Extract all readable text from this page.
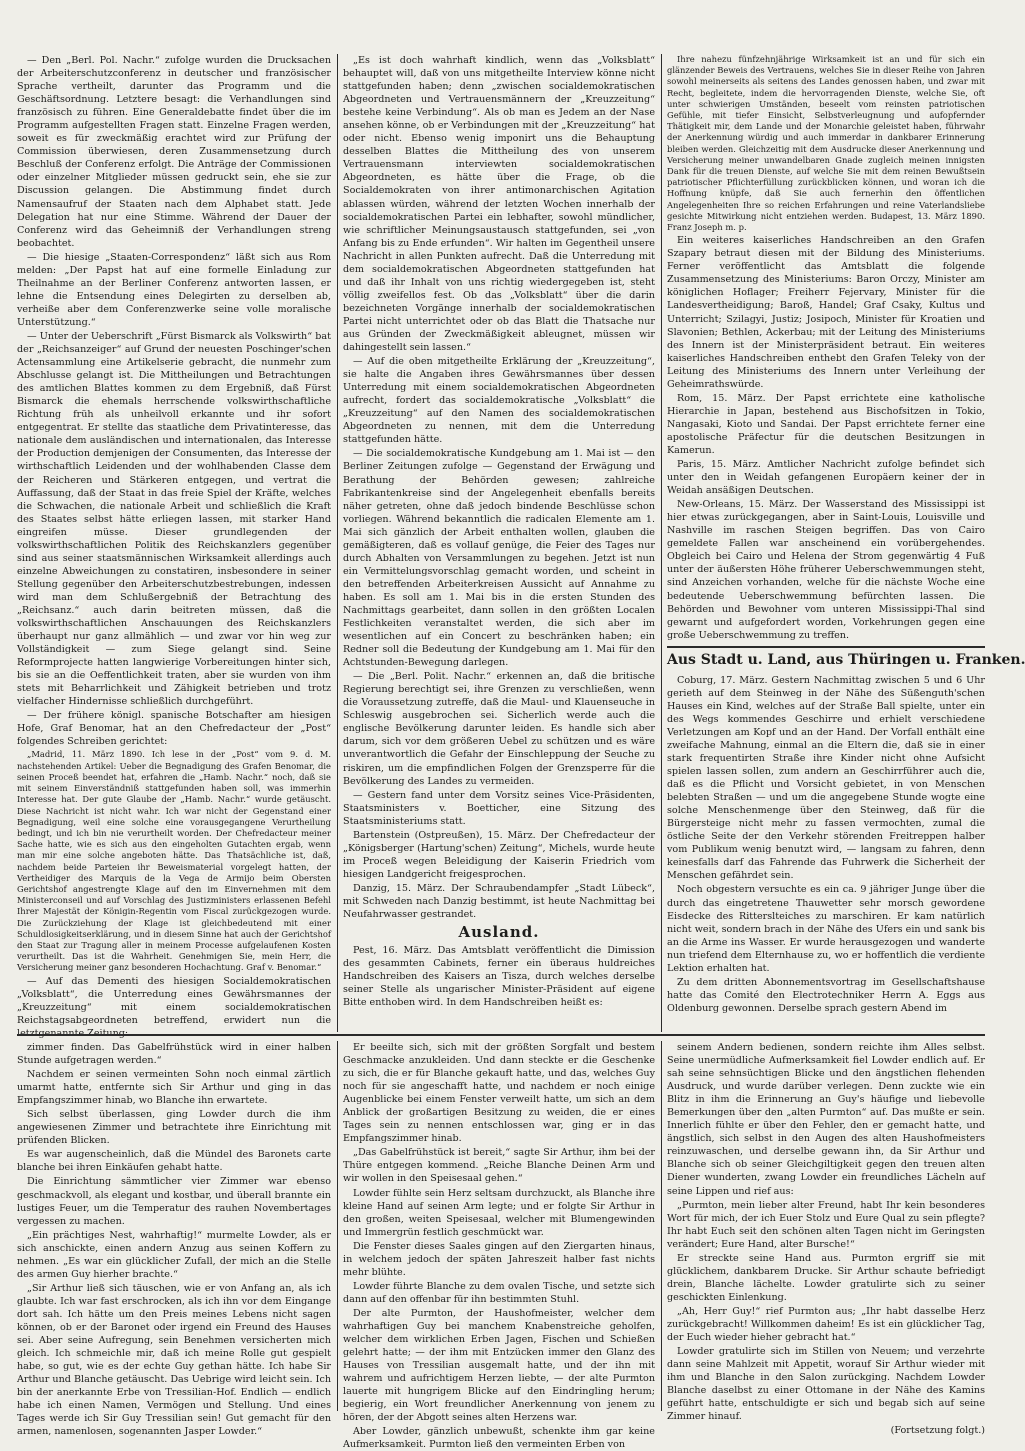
— Den „Berl. Pol. Nachr.“ zufolge wurden die Drucksachen der Arbeiterschutzconferenz in deutscher und französischer Sprache vertheilt, darunter das Programm und die Geschäftsordnung. Letztere besagt: die Verhandlungen sind französisch zu führen. Eine Generaldebatte findet über die im Programm aufgestellten Fragen statt. Einzelne Fragen werden, soweit es für zweckmäßig erachtet wird zur Prüfung der Commission überwiesen, deren Zusammensetzung durch Beschluß der Conferenz erfolgt. Die Anträge der Commissionen oder einzelner Mitglieder müssen gedruckt sein, ehe sie zur Discussion gelangen. Die Abstimmung findet durch Namensaufruf der Staaten nach dem Alphabet statt. Jede Delegation hat nur eine Stimme. Während der Dauer der Conferenz wird das Geheimniß der Verhandlungen streng beobachtet.

— Die hiesige „Staaten-Correspondenz“ läßt sich aus Rom melden: „Der Papst hat auf eine formelle Einladung zur Theilnahme an der Berliner Conferenz antworten lassen, er lehne die Entsendung eines Delegirten zu derselben ab, verheiße aber dem Conferenzwerke seine volle moralische Unterstützung.“

— Unter der Ueberschrift „Fürst Bismarck als Volkswirth“ bat der „Reichsanzeiger“ auf Grund der neuesten Poschinger'schen Actensammlung eine Artikelserie gebracht, die nunmehr zum Abschlusse gelangt ist. Die Mittheilungen und Betrachtungen des amtlichen Blattes kommen zu dem Ergebniß, daß Fürst Bismarck die ehemals herrschende volkswirthschaftliche Richtung früh als unheilvoll erkannte und ihr sofort entgegentrat. Er stellte das staatliche dem Privatinteresse, das nationale dem ausländischen und internationalen, das Interesse der Production demjenigen der Consumenten, das Interesse der wirthschaftlich Leidenden und der wohlhabenden Classe dem der Reicheren und Stärkeren entgegen, und vertrat die Auffassung, daß der Staat in das freie Spiel der Kräfte, welches die Schwachen, die nationale Arbeit und schließlich die Kraft des Staates selbst hätte erliegen lassen, mit starker Hand eingreifen müsse. Dieser grundlegenden der volkswirthschaftlichen Politik des Reichskanzlers gegenüber sind aus seiner staatsmännischen Wirksamkeit allerdings auch einzelne Abweichungen zu constatiren, insbesondere in seiner Stellung gegenüber den Arbeiterschutzbestrebungen, indessen wird man dem Schlußergebniß der Betrachtung des „Reichsanz.“ auch darin beitreten müssen, daß die volkswirthschaftlichen Anschauungen des Reichskanzlers überhaupt nur ganz allmählich — und zwar vor hin weg zur Vollständigkeit — zum Siege gelangt sind. Seine Reformprojecte hatten langwierige Vorbereitungen hinter sich, bis sie an die Oeffentlichkeit traten, aber sie wurden von ihm stets mit Beharrlichkeit und Zähigkeit betrieben und trotz vielfacher Hindernisse schließlich durchgeführt.

— Der frühere königl. spanische Botschafter am hiesigen Hofe, Graf Benomar, hat an den Chefredacteur der „Post“ folgendes Schreiben gerichtet:

„Madrid, 11. März 1890. Ich lese in der „Post“ vom 9. d. M. nachstehenden Artikel: Ueber die Begnadigung des Grafen Benomar, die seinen Proceß beendet hat, erfahren die „Hamb. Nachr.“ noch, daß sie mit seinem Einverständniß stattgefunden haben soll, was immerhin Interesse hat. Der gute Glaube der „Hamb. Nachr.“ wurde getäuscht. Diese Nachricht ist nicht wahr. Ich war nicht der Gegenstand einer Begnadigung, weil eine solche eine vorausgegangene Verurtheilung bedingt, und ich bin nie verurtheilt worden. Der Chefredacteur meiner Sache hatte, wie es sich aus den eingeholten Gutachten ergab, wenn man mir eine solche angeboten hätte. Das Thatsächliche ist, daß, nachdem beide Parteien ihr Beweismaterial vorgelegt hatten, der Vertheidiger des Marquis de la Vega de Armijo beim Obersten Gerichtshof angestrengte Klage auf den im Einvernehmen mit dem Ministerconseil und auf Vorschlag des Justizministers erlassenen Befehl Ihrer Majestät der Königin-Regentin vom Fiscal zurückgezogen wurde. Die Zurückziehung der Klage ist gleichbedeutend mit einer Schuldlosigkeitserklärung, und in diesem Sinne hat auch der Gerichtshof den Staat zur Tragung aller in meinem Processe aufgelaufenen Kosten verurtheilt. Das ist die Wahrheit. Genehmigen Sie, mein Herr, die Versicherung meiner ganz besonderen Hochachtung. Graf v. Benomar.“

— Auf das Dementi des hiesigen Socialdemokratischen „Volksblatt“, die Unterredung eines Gewährsmannes der „Kreuzzeitung“ mit einem socialdemokratischen Reichstagsabgeordneten betreffend, erwidert nun die

„Es ist doch wahrhaft kindlich, wenn das „Volksblatt“ behauptet will, daß von uns mitgetheilte Interview könne nicht stattgefunden haben; denn „zwischen socialdemokratischen Abgeordneten und Vertrauensmännern der „Kreuzzeitung“ bestehe keine Verbindung“. Als ob man es Jedem an der Nase ansehen könne, ob er Verbindungen mit der „Kreuzzeitung“ hat oder nicht. Ebenso wenig imponirt uns die Behauptung desselben Blattes die Mittheilung des von unserem Vertrauensmann interviewten socialdemokratischen Abgeordneten, es hätte über die Frage, ob die Socialdemokraten von ihrer antimonarchischen Agitation ablassen würden, während der letzten Wochen innerhalb der socialdemokratischen Partei ein lebhafter, sowohl mündlicher, wie schriftlicher Meinungsaustausch stattgefunden, sei „von Anfang bis zu Ende erfunden“. Wir halten im Gegentheil unsere Nachricht in allen Punkten aufrecht. Daß die Unterredung mit dem socialdemokratischen Abgeordneten stattgefunden hat und daß ihr Inhalt von uns richtig wiedergegeben ist, steht völlig zweifellos fest. Ob das „Volksblatt“ über die darin bezeichneten Vorgänge innerhalb der socialdemokratischen Partei nicht unterrichtet oder ob das Blatt die Thatsache nur aus Gründen der Zweckmäßigkeit ableugnet, müssen wir dahingestellt sein lassen.“

— Auf die oben mitgetheilte Erklärung der „Kreuzzeitung“, sie halte die Angaben ihres Gewährsmannes über dessen Unterredung mit einem socialdemokratischen Abgeordneten aufrecht, fordert das socialdemokratische „Volksblatt“ die „Kreuzzeitung“ auf den Namen des socialdemokratischen Abgeordneten zu nennen, mit dem die Unterredung stattgefunden hätte.

— Die socialdemokratische Kundgebung am 1. Mai ist — den Berliner Zeitungen zufolge — Gegenstand der Erwägung und Berathung der Behörden gewesen; zahlreiche Fabrikantenkreise sind der Angelegenheit ebenfalls bereits näher getreten, ohne daß jedoch bindende Beschlüsse schon vorliegen. Während bekanntlich die radicalen Elemente am 1. Mai sich gänzlich der Arbeit enthalten wollen, glauben die gemäßigteren, daß es vollauf genüge, die Feier des Tages nur durch Abhalten von Versammlungen zu begehen. Jetzt ist nun ein Vermittelungsvorschlag gemacht worden, und scheint in den betreffenden Arbeiterkreisen Aussicht auf Annahme zu haben. Es soll am 1. Mai bis in die ersten Stunden des Nachmittags gearbeitet, dann sollen in den größten Localen Festlichkeiten veranstaltet werden, die sich aber im wesentlichen auf ein Concert zu beschränken haben; ein Redner soll die Bedeutung der Kundgebung am 1. Mai für den Achtstunden-Bewegung darlegen.

— Die „Berl. Polit. Nachr.“ erkennen an, daß die britische Regierung berechtigt sei, ihre Grenzen zu verschließen, wenn die Voraussetzung zutreffe, daß die Maul- und Klauenseuche in Schleswig ausgebrochen sei. Sicherlich werde auch die englische Bevölkerung darunter leiden. Es handle sich aber darum, sich vor dem größeren Uebel zu schützen und es wäre unverantwortlich die Gefahr der Einschleppung der Seuche zu riskiren, um die empfindlichen Folgen der Grenzsperre für die Bevölkerung des Landes zu vermeiden.

— Gestern fand unter dem Vorsitz seines Vice-Präsidenten, Staatsministers v. Boetticher, eine Sitzung des Staatsministeriums statt.

Bartenstein (Ostpreußen), 15. März. Der Chefredacteur der „Königsberger (Hartung'schen) Zeitung“, Michels, wurde heute im Proceß wegen Beleidigung der Kaiserin Friedrich vom hiesigen Landgericht freigesprochen.

Danzig, 15. März. Der Schraubendampfer „Stadt Lübeck“, mit Schweden nach Danzig bestimmt, ist heute Nachmittag bei Neufahrwasser gestrandet.

Ausland.

Pest, 16. März. Das Amtsblatt veröffentlicht die Dimission des gesammten Cabinets, ferner ein überaus huldreiches Handschreiben des Kaisers an Tisza, durch welches derselbe seiner Stelle als ungarischer Minister-Präsident auf eigene Bitte enthoben wird. In dem Handschreiben heißt es:

Ihre nahezu fünfzehnjährige Wirksamkeit ist an und für sich ein glänzender Beweis des Vertrauens, welches Sie in dieser Reihe von Jahren sowohl meinerseits als seitens des Landes genossen haben, und zwar mit Recht, begleitete, indem die hervorragenden Dienste, welche Sie, oft unter schwierigen Umständen, beseelt vom reinsten patriotischen Gefühle, mit tiefer Einsicht, Selbstverleugnung und aufopfernder Thätigkeit mir, dem Lande und der Monarchie geleistet haben, führwahr der Anerkennung würdig und auch immerdar in dankbarer Erinnerung bleiben werden. Gleichzeitig mit dem Ausdrucke dieser Anerkennung und Versicherung meiner unwandelbaren Gnade zugleich meinen innigsten Dank für die treuen Dienste, auf welche Sie mit dem reinen Bewußtsein patriotischer Pflichterfüllung zurückblicken können, und woran ich die Hoffnung knüpfe, daß Sie auch fernerhin den öffentlichen Angelegenheiten Ihre so reichen Erfahrungen und reine Vaterlandsliebe gesichte Mitwirkung nicht entziehen werden. Budapest, 13. März 1890. Franz Joseph m. p.

Ein weiteres kaiserliches Handschreiben an den Grafen Szapary betraut diesen mit der Bildung des Ministeriums. Ferner veröffentlicht das Amtsblatt die folgende Zusammensetzung des Ministeriums: Baron Orczy, Minister am königlichen Hoflager; Freiherr Fejervary, Minister für die Landesvertheidigung; Baroß, Handel; Graf Csaky, Kultus und Unterricht; Szilagyi, Justiz; Josipoch, Minister für Kroatien und Slavonien; Bethlen, Ackerbau; mit der Leitung des Ministeriums des Innern ist der Ministerpräsident betraut. Ein weiteres kaiserliches Handschreiben enthebt den Grafen Teleky von der Leitung des Ministeriums des Innern unter Verleihung der Geheimrathswürde.

Rom, 15. März. Der Papst errichtete eine katholische Hierarchie in Japan, bestehend aus Bischofsitzen in Tokio, Nangasaki, Kioto und Sandai. Der Papst errichtete ferner eine apostolische Präfectur für die deutschen Besitzungen in Kamerun.

Paris, 15. März. Amtlicher Nachricht zufolge befindet sich unter den in Weidah gefangenen Europäern keiner der in Weidah ansäßigen Deutschen.

New-Orleans, 15. März. Der Wasserstand des Mississippi ist hier etwas zurückgegangen, aber in Saint-Louis, Louisville und Nashville im raschen Steigen begriffen. Das von Cairo gemeldete Fallen war anscheinend ein vorübergehendes. Obgleich bei Cairo und Helena der Strom gegenwärtig 4 Fuß unter der äußersten Höhe früherer Ueberschwemmungen steht, sind Anzeichen vorhanden, welche für die nächste Woche eine bedeutende Ueberschwemmung befürchten lassen. Die Behörden und Bewohner vom unteren Mississippi-Thal sind gewarnt und aufgefordert worden, Vorkehrungen gegen eine große Ueberschwemmung zu treffen.

Aus Stadt u. Land, aus Thüringen u. Franken.

Coburg, 17. März. Gestern Nachmittag zwischen 5 und 6 Uhr gerieth auf dem Steinweg in der Nähe des Süßenguth'schen Hauses ein Kind, welches auf der Straße Ball spielte, unter ein des Wegs kommendes Geschirre und erhielt verschiedene Verletzungen am Kopf und an der Hand. Der Vorfall enthält eine zweifache Mahnung, einmal an die Eltern die, daß sie in einer stark frequentirten Straße ihre Kinder nicht ohne Aufsicht spielen lassen sollen, zum andern an Geschirrführer auch die, daß es die Pflicht und Vorsicht gebietet, in von Menschen belebten Straßen — und um die angegebene Stunde wogte eine solche Menschenmenge über den Steinweg, daß für die Bürgersteige nicht mehr zu fassen vermochten, zumal die östliche Seite der den Verkehr störenden Freitreppen halber vom Publikum wenig benutzt wird, — langsam zu fahren, denn keinesfalls darf das Fahrende das Fuhrwerk die Sicherheit der Menschen gefährdet sein.

Noch obgestern versuchte es ein ca. 9 jähriger Junge über die durch das eingetretene Thauwetter sehr morsch gewordene Eisdecke des Ritterslteiches zu marschiren. Er kam natürlich nicht weit, sondern brach in der Nähe des Ufers ein und sank bis an die Arme ins Wasser. Er wurde herausgezogen und wanderte nun triefend dem Elternhause zu, wo er hoffentlich die verdiente Lektion erhalten hat.

Zu dem dritten Abonnementsvortrag im Gesellschaftshause hatte das Comité den Electrotechniker Herrn A. Eggs aus Oldenburg gewonnen. Derselbe sprach gestern Abend im

zimmer finden. Das Gabelfrühstück wird in einer halben Stunde aufgetragen werden.“

Nachdem er seinen vermeinten Sohn noch einmal zärtlich umarmt hatte, entfernte sich Sir Arthur und ging in das Empfangszimmer hinab, wo Blanche ihn erwartete.

Sich selbst überlassen, ging Lowder durch die ihm angewiesenen Zimmer und betrachtete ihre Einrichtung mit prüfenden Blicken.

Es war augenscheinlich, daß die Mündel des Baronets carte blanche bei ihren Einkäufen gehabt hatte.

Die Einrichtung sämmtlicher vier Zimmer war ebenso geschmackvoll, als elegant und kostbar, und überall brannte ein lustiges Feuer, um die Temperatur des rauhen Novembertages vergessen zu machen.

„Ein prächtiges Nest, wahrhaftig!“ murmelte Lowder, als er sich anschickte, einen andern Anzug aus seinen Koffern zu nehmen. „Es war ein glücklicher Zufall, der mich an die Stelle des armen Guy hierher brachte.“

„Sir Arthur ließ sich täuschen, wie er von Anfang an, als ich glaubte. Ich war fast erschrocken, als ich ihn vor dem Eingange dort sah. Ich hätte um den Preis meines Lebens nicht sagen können, ob er der Baronet oder irgend ein Freund des Hauses sei. Aber seine Aufregung, sein Benehmen versicherten mich gleich. Ich schmeichle mir, daß ich meine Rolle gut gespielt habe, so gut, wie es der echte Guy gethan hätte. Ich habe Sir Arthur und Blanche getäuscht. Das Uebrige wird leicht sein. Ich bin der anerkannte Erbe von Tressilian-Hof. Endlich — endlich habe ich einen Namen, Vermögen und Stellung. Und eines Tages werde ich Sir Guy Tressilian sein! Gut gemacht für den armen, namenlosen, sogenannten Jasper Lowder.“

Er beeilte sich, sich mit der größten Sorgfalt und bestem Geschmacke anzukleiden. Und dann steckte er die Geschenke zu sich, die er für Blanche gekauft hatte, und das, welches Guy noch für sie angeschafft hatte, und nachdem er noch einige Augenblicke bei einem Fenster verweilt hatte, um sich an dem Anblick der großartigen Besitzung zu weiden, die er eines Tages sein zu nennen entschlossen war, ging er in das Empfangszimmer hinab.

„Das Gabelfrühstück ist bereit,“ sagte Sir Arthur, ihm bei der Thüre entgegen kommend. „Reiche Blanche Deinen Arm und wir wollen in den Speisesaal gehen.“

Lowder fühlte sein Herz seltsam durchzuckt, als Blanche ihre kleine Hand auf seinen Arm legte; und er folgte Sir Arthur in den großen, weiten Speisesaal, welcher mit Blumengewinden und Immergrün festlich geschmückt war.

Die Fenster dieses Saales gingen auf den Ziergarten hinaus, in welchem jedoch der späten Jahreszeit halber fast nichts mehr blühte.

Lowder führte Blanche zu dem ovalen Tische, und setzte sich dann auf den offenbar für ihn bestimmten Stuhl.

Der alte Purmton, der Haushofmeister, welcher dem wahrhaftigen Guy bei manchem Knabenstreiche geholfen, welcher dem wirklichen Erben Jagen, Fischen und Schießen gelehrt hatte; — der ihm mit Entzücken immer den Glanz des Hauses von Tressilian ausgemalt hatte, und der ihn mit wahrem und aufrichtigem Herzen liebte, — der alte Purmton lauerte mit hungrigem Blicke auf den Eindringling herum; begierig, ein Wort freundlicher Anerkennung von jenem zu hören, der der Abgott seines alten Herzens war.

Aber Lowder, gänzlich unbewußt, schenkte ihm gar keine Aufmerksamkeit. Purmton ließ den vermeinten Erben von

seinem Andern bedienen, sondern reichte ihm Alles selbst. Seine unermüdliche Aufmerksamkeit fiel Lowder endlich auf. Er sah seine sehnsüchtigen Blicke und den ängstlichen flehenden Ausdruck, und wurde darüber verlegen. Denn zuckte wie ein Blitz in ihm die Erinnerung an Guy's häufige und liebevolle Bemerkungen über den „alten Purmton“ auf. Das mußte er sein. Innerlich fühlte er über den Fehler, den er gemacht hatte, und ängstlich, sich selbst in den Augen des alten Haushofmeisters reinzuwaschen, und derselbe gewann ihn, da Sir Arthur und Blanche sich ob seiner Gleichgiltigkeit gegen den treuen alten Diener wunderten, zwang Lowder ein freundliches Lächeln auf seine Lippen und rief aus:

„Purmton, mein lieber alter Freund, habt Ihr kein besonderes Wort für mich, der ich Euer Stolz und Eure Qual zu sein pflegte? Ihr habt Euch seit den schönen alten Tagen nicht im Geringsten verändert; Eure Hand, alter Bursche!“

Er streckte seine Hand aus. Purmton ergriff sie mit glücklichem, dankbarem Drucke. Sir Arthur schaute befriedigt drein, Blanche lächelte. Lowder gratulirte sich zu seiner geschickten Einlenkung.

„Ah, Herr Guy!“ rief Purmton aus; „Ihr habt dasselbe Herz zurückgebracht! Willkommen daheim! Es ist ein glücklicher Tag, der Euch wieder hieher gebracht hat.“

Lowder gratulirte sich im Stillen von Neuem; und verzehrte dann seine Mahlzeit mit Appetit, worauf Sir Arthur wieder mit ihm und Blanche in den Salon zurückging. Nachdem Lowder Blanche daselbst zu einer Ottomane in der Nähe des Kamins geführt hatte, entschuldigte er sich und begab sich auf seine Zimmer hinauf.

(Fortsetzung folgt.)
